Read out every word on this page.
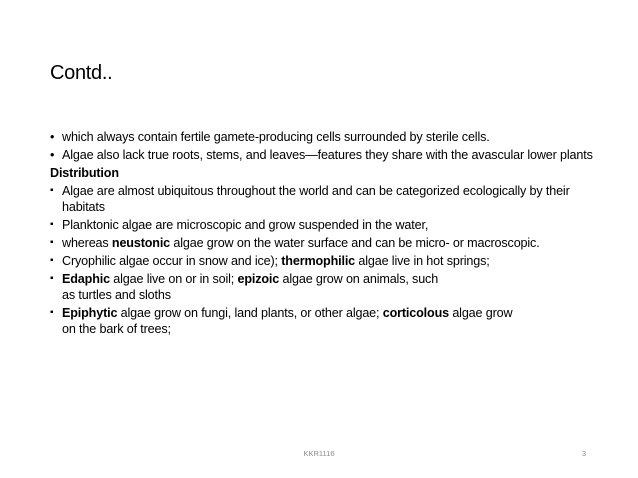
Contd..
• which always contain fertile gamete-producing cells surrounded by sterile cells.
• Algae also lack true roots, stems, and leaves—features they share with the avascular lower plants
Distribution
▪ Algae are almost ubiquitous throughout the world and can be categorized ecologically by their habitats
▪ Planktonic algae are microscopic and grow suspended in the water,
▪ whereas neustonic algae grow on the water surface and can be micro- or macroscopic.
▪ Cryophilic algae occur in snow and ice); thermophilic algae live in hot springs;
▪ Edaphic algae live on or in soil; epizoic algae grow on animals, such
as turtles and sloths
▪ Epiphytic algae grow on fungi, land plants, or other algae; corticolous algae grow
on the bark of trees;
KKR1116	3
